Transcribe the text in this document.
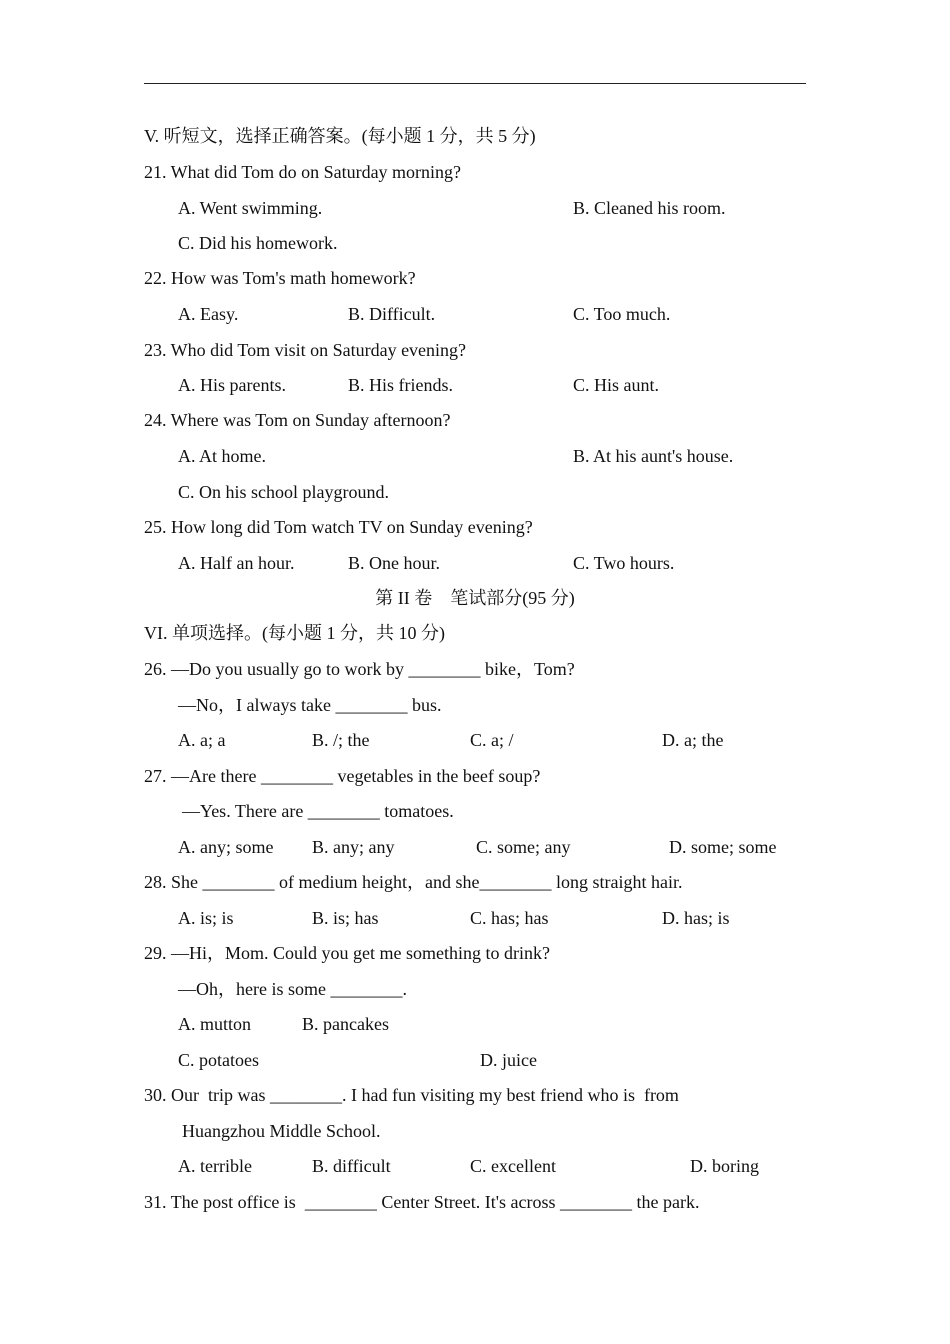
V. 听短文，选择正确答案。(每小题 1 分，共 5 分)
21. What did Tom do on Saturday morning?
A. Went swimming.	B. Cleaned his room.
C. Did his homework.
22. How was Tom's math homework?
A. Easy.	B. Difficult.	C. Too much.
23. Who did Tom visit on Saturday evening?
A. His parents.	B. His friends.	C. His aunt.
24. Where was Tom on Sunday afternoon?
A. At home.	B. At his aunt's house.
C. On his school playground.
25. How long did Tom watch TV on Sunday evening?
A. Half an hour.	B. One hour.	C. Two hours.
第 II 卷　笔试部分(95 分)
VI. 单项选择。(每小题 1 分，共 10 分)
26. —Do you usually go to work by ________ bike，Tom?
—No，I always take ________ bus.
A. a; a	B. /; the	C. a; /	D. a; the
27. —Are there ________ vegetables in the beef soup?
—Yes. There are ________ tomatoes.
A. any; some B. any; any	C. some; any	D. some; some
28. She ________ of medium height，and she________ long straight hair.
A. is; is	B. is; has	C. has; has	D. has; is
29. —Hi，Mom. Could you get me something to drink?
—Oh，here is some ________.
A. mutton	B. pancakes
C. potatoes	D. juice
30. Our  trip was ________. I had fun visiting my best friend who is  from
Huangzhou Middle School.
A. terrible	B. difficult	C. excellent	D. boring
31. The post office is  ________ Center Street. It's across ________ the park.
